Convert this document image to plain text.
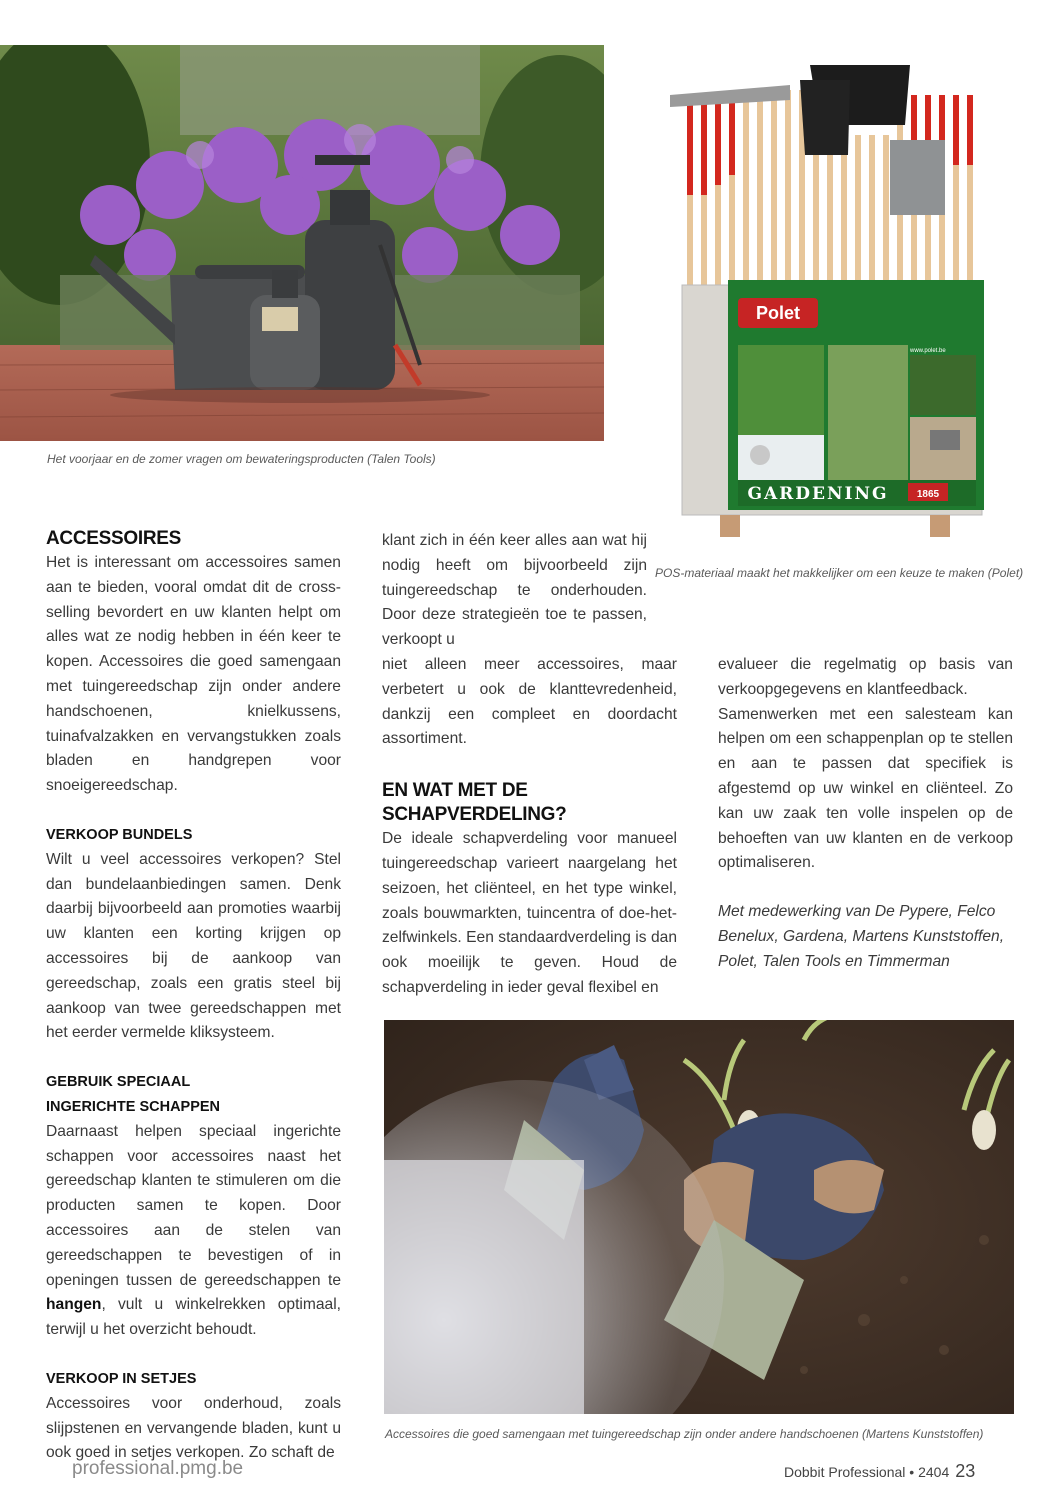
Het voorjaar en de zomer vragen om bewateringsproducten (Talen Tools)
Polet
www.polet.be
GARDENING	1865
POS-materiaal maakt het makkelijker om een keuze te maken (Polet)

ACCESSOIRES

Het is interessant om accessoires samen aan te bieden, vooral omdat dit de cross-selling bevordert en uw klanten helpt om alles wat ze nodig hebben in één keer te kopen. Accessoires die goed samengaan met tuingereedschap zijn onder andere handschoenen, knielkussens, tuinafvalzakken en vervangstukken zoals bladen en handgrepen voor snoeigereedschap.

VERKOOP BUNDELS

Wilt u veel accessoires verkopen? Stel dan bundelaanbiedingen samen. Denk daarbij bijvoorbeeld aan promoties waarbij uw klanten een korting krijgen op accessoires bij de aankoop van gereedschap, zoals een gratis steel bij aankoop van twee gereedschappen met het eerder vermelde kliksysteem.

GEBRUIK SPECIAAL

INGERICHTE SCHAPPEN

Daarnaast helpen speciaal ingerichte schappen voor accessoires naast het gereedschap klanten te stimuleren om die producten samen te kopen. Door accessoires aan de stelen van gereedschappen te bevestigen of in openingen tussen de gereedschappen te hangen, vult u winkelrekken optimaal, terwijl u het overzicht behoudt.

VERKOOP IN SETJES

Accessoires voor onderhoud, zoals slijpstenen en vervangende bladen, kunt u ook goed in setjes verkopen. Zo schaft de

klant zich in één keer alles aan wat hij nodig heeft om bijvoorbeeld zijn tuingereedschap te onderhouden. Door deze strategieën toe te passen, verkoopt u

niet alleen meer accessoires, maar verbetert u ook de klanttevredenheid, dankzij een compleet en doordacht assortiment.

EN WAT MET DE

SCHAPVERDELING?

De ideale schapverdeling voor manueel tuingereedschap varieert naargelang het seizoen, het cliënteel, en het type winkel, zoals bouwmarkten, tuincentra of doe-het-zelfwinkels. Een standaardverdeling is dan ook moeilijk te geven. Houd de schapverdeling in ieder geval flexibel en

evalueer die regelmatig op basis van verkoopgegevens en klantfeedback.

Samenwerken met een salesteam kan helpen om een schappenplan op te stellen en aan te passen dat specifiek is afgestemd op uw winkel en cliënteel. Zo kan uw zaak ten volle inspelen op de behoeften van uw klanten en de verkoop optimaliseren.

Met medewerking van De Pypere, Felco Benelux, Gardena, Martens Kunststoffen, Polet, Talen Tools en Timmerman

Accessoires die goed samengaan met tuingereedschap zijn onder andere handschoenen (Martens Kunststoffen)
professional.pmg.be	Dobbit Professional • 2404 23
